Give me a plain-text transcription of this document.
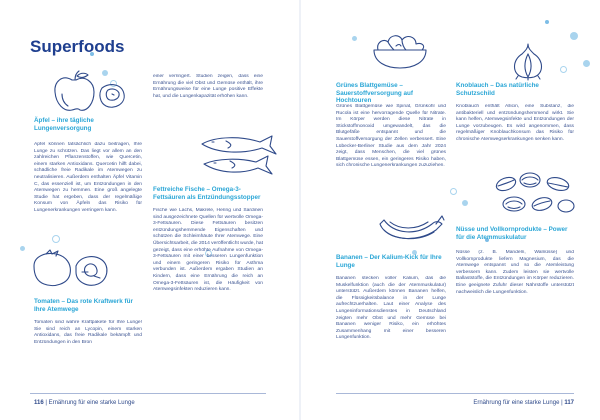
Superfoods
Äpfel – ihre tägliche Lungenversorgung
Äpfel können tatsächlich dazu beitragen, Ihre Lunge zu schützen. Das liegt vor allem an den zahlreichen Pflanzenstoffen, wie Quercetin, einem starken Antioxidans. Quercetin hilft dabei, schädliche freie Radikale im Atemwegen zu neutralisieren. Außerdem enthalten Äpfel Vitamin C, das essenziell ist, um Entzündungen in den Atemwegen zu hemmen. Eine groß angelegte Studie hat ergeben, dass der regelmäßige Konsum von Äpfeln das Risiko für Lungenerkrankungen verringern kann.
Tomaten – Das rote Kraftwerk für Ihre Atemwege
Tomaten sind wahre Kraftpakete für Ihre Lunge! Sie sind reich an Lycopin, einem starken Antioxidans, das freie Radikale bekämpft und Entzündungen in den Bron
einer verringert. Studien zeigen, dass eine Ernährung die viel Obst und Gemüse enthält, ihre Ernährungsweise für eine Lunge positive Effekte hat, und die Lungenkapazität erhöhen kann.
Fettreiche Fische – Omega-3-Fettsäuren als Entzündungsstopper
Fische wie Lachs, Makrele, Hering und Sardinen sind ausgezeichnete Quellen für wertvolle Omega-3-Fettsäuren. Diese Fettsäuren besitzen entzündungshemmende Eigenschaften und schützen die Schleimhäute Ihrer Atemwege. Eine Übersichtsarbeit, die 2014 veröffentlicht wurde, hat gezeigt, dass eine erhöhte Aufnahme von Omega-3-Fettsäuren mit einer besseren Lungenfunktion und einem geringeren Risiko für Asthma verbunden ist. Außerdem ergaben Studien an Kindern, dass eine Ernährung die reich an Omega-3-Fettsäuren ist, die Häufigkeit von Atemwegsinfekten reduzieren kann.
Grünes Blattgemüse – Sauerstoffversorgung auf Hochtouren
Grünes Blattgemüse wie Spinat, Grünkohl und Rucola ist eine hervorragende Quelle für Nitrate. Im Körper werden diese Nitrate in Stickstoffmonoxid umgewandelt, das die Blutgefäße entspannt und die Sauerstoffversorgung der Zellen verbessert. Eine Lübecker-Berliner Studie aus dem Jahr 2024 zeigt, dass Menschen, die viel grünes Blattgemüse essen, ein geringeres Risiko haben, sich chronische Lungenerkrankungen zuzuziehen.
Bananen – Der Kalium-Kick für Ihre Lunge
Bananen stecken voller Kalium, das die Muskelfunktion (auch die der Atemmuskulatur) unterstützt. Außerdem können Bananen helfen, die Flüssigkeitsbalance in der Lunge aufrechtzuerhalten. Laut einer Analyse des Lungeninformationsdienstes in Deutschland zeigten mehr Obst und mehr Gemüse bei Bananen weniger Risiko, ein erhöhtes Zusammenhang mit einer besseren Lungenfunktion.
Knoblauch – Das natürliche Schutzschild
Knoblauch enthält Allicin, eine Substanz, die antibakteriell und entzündungshemmend wirkt. Sie kann helfen, Atemwegsinfekte und Entzündungen der Lunge vorzubeugen. Es wird angenommen, dass regelmäßiger Knoblauchkonsum das Risiko für chronische Atemwegserkrankungen senken kann.
Nüsse und Vollkornprodukte – Power für die Atemmuskulatur
Nüsse (z. B. Mandeln, Walnüsse) und Vollkornprodukte liefern Magnesium, das die Atemwege entspannt und so die Atemleistung verbessern kann. Zudem leisten sie wertvolle Ballaststoffe, die Entzündungen im Körper reduzieren. Eine geeignete Zufuhr dieser Nährstoffe unterstützt nachweislich die Lungenfunktion.
116 | Ernährung für eine starke Lunge	Ernährung für eine starke Lunge | 117
